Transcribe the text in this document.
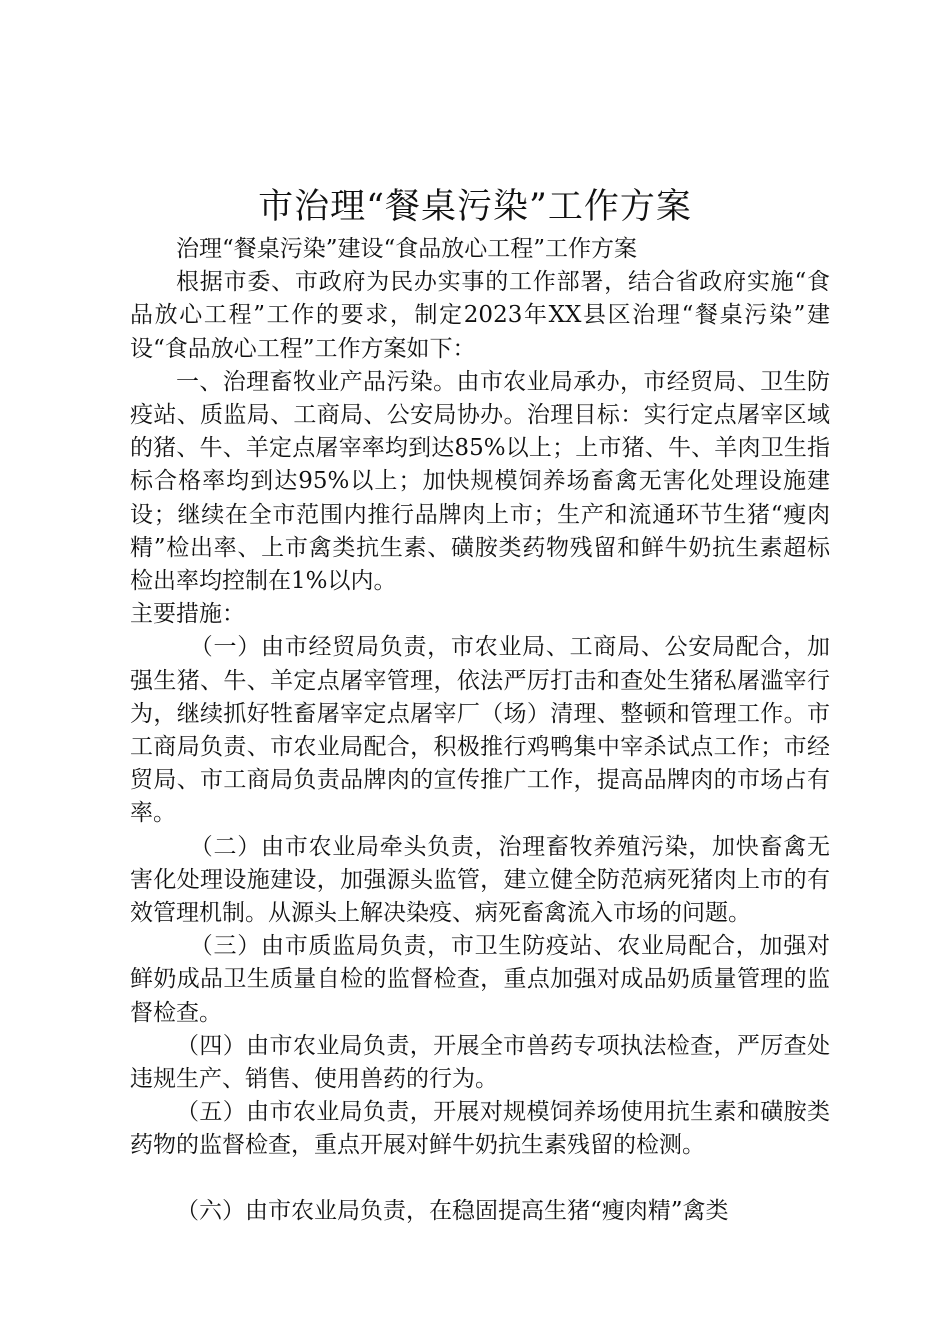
市治理“餐桌污染”工作方案

治理“餐桌污染”建设“食品放心工程”工作方案

根据市委、市政府为民办实事的工作部署，结合省政府实施“食品放心工程”工作的要求，制定2023年XX县区治理“餐桌污染”建设“食品放心工程”工作方案如下：

一、治理畜牧业产品污染。由市农业局承办，市经贸局、卫生防疫站、质监局、工商局、公安局协办。治理目标：实行定点屠宰区域的猪、牛、羊定点屠宰率均到达85%以上；上市猪、牛、羊肉卫生指标合格率均到达95%以上；加快规模饲养场畜禽无害化处理设施建设；继续在全市范围内推行品牌肉上市；生产和流通环节生猪“瘦肉精”检出率、上市禽类抗生素、磺胺类药物残留和鲜牛奶抗生素超标检出率均控制在1%以内。

主要措施：

（一）由市经贸局负责，市农业局、工商局、公安局配合，加强生猪、牛、羊定点屠宰管理，依法严厉打击和查处生猪私屠滥宰行为，继续抓好牲畜屠宰定点屠宰厂（场）清理、整顿和管理工作。市工商局负责、市农业局配合，积极推行鸡鸭集中宰杀试点工作；市经贸局、市工商局负责品牌肉的宣传推广工作，提高品牌肉的市场占有率。

（二）由市农业局牵头负责，治理畜牧养殖污染，加快畜禽无害化处理设施建设，加强源头监管，建立健全防范病死猪肉上市的有效管理机制。从源头上解决染疫、病死畜禽流入市场的问题。

（三）由市质监局负责，市卫生防疫站、农业局配合，加强对鲜奶成品卫生质量自检的监督检查，重点加强对成品奶质量管理的监督检查。

（四）由市农业局负责，开展全市兽药专项执法检查，严厉查处违规生产、销售、使用兽药的行为。

（五）由市农业局负责，开展对规模饲养场使用抗生素和磺胺类药物的监督检查，重点开展对鲜牛奶抗生素残留的检测。

（六）由市农业局负责，在稳固提高生猪“瘦肉精”禽类
